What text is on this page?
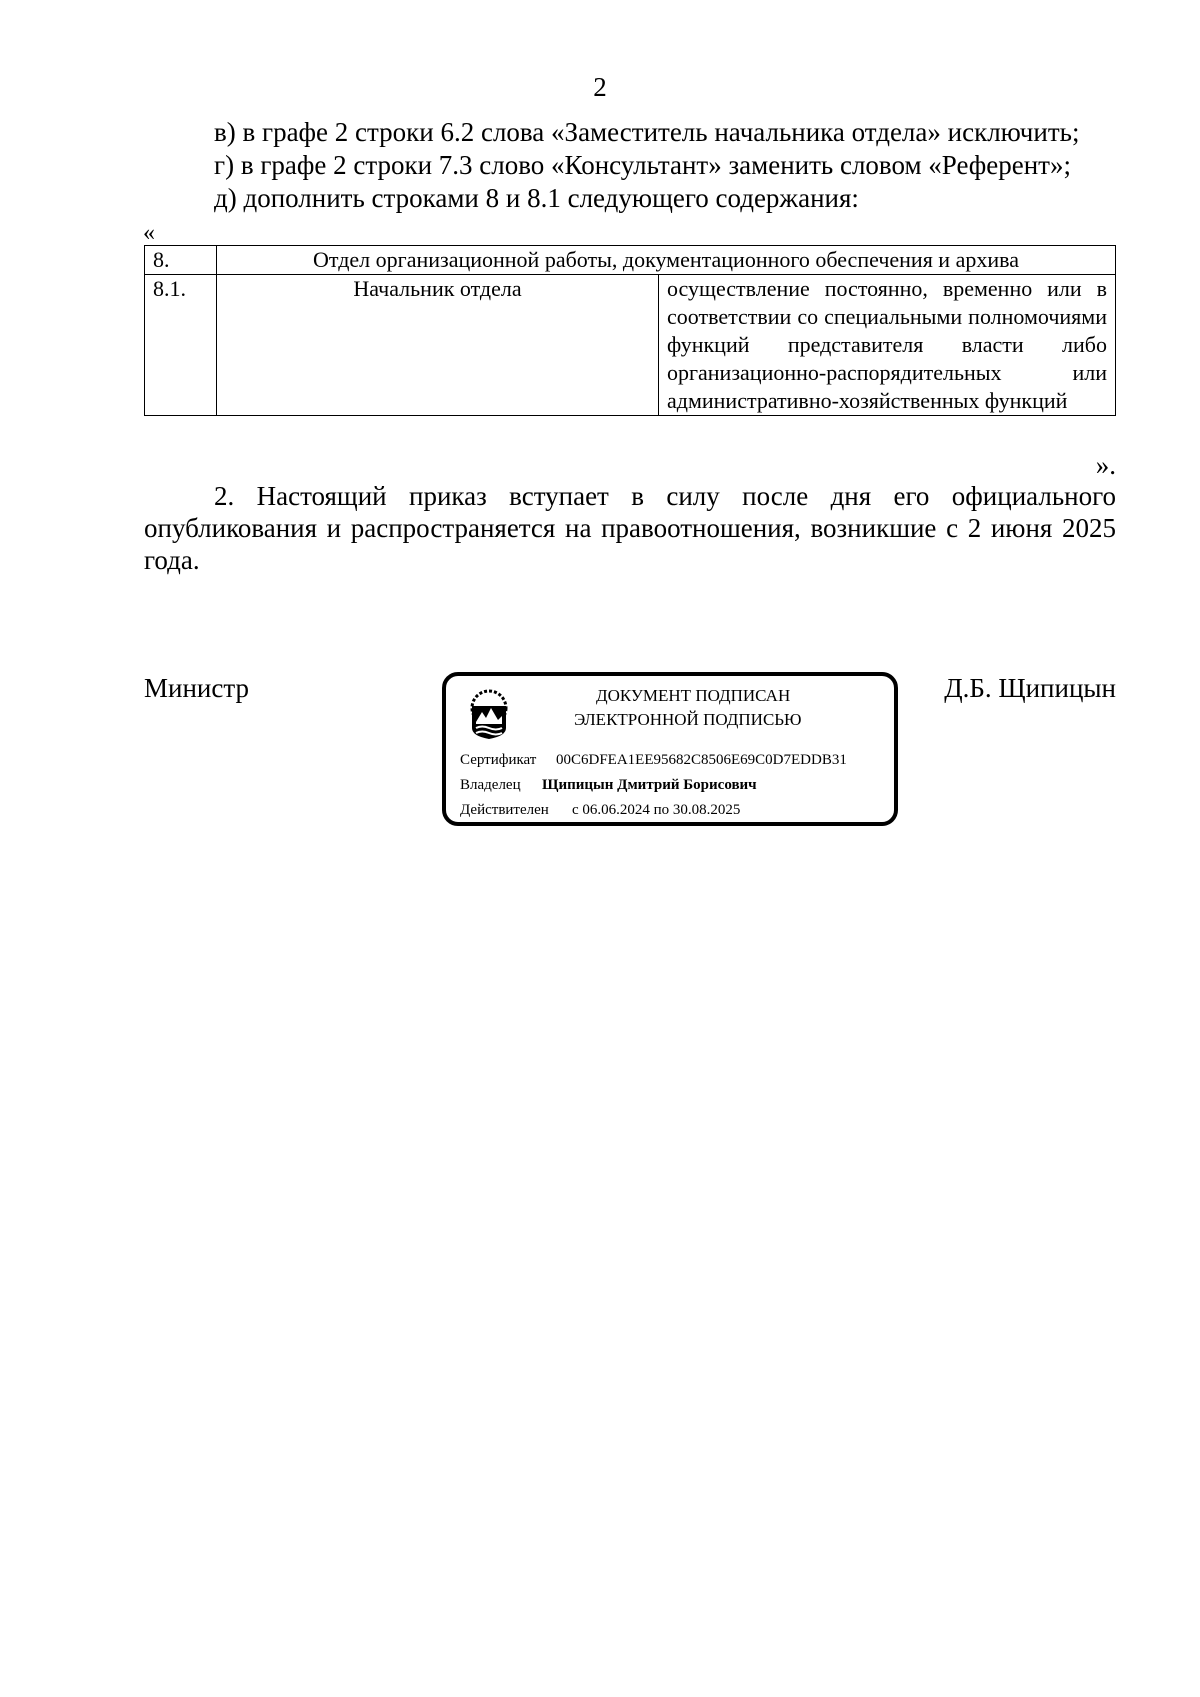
2
в) в графе 2 строки 6.2 слова «Заместитель начальника отдела» исключить;
г) в графе 2 строки 7.3 слово «Консультант» заменить словом «Референт»;
д) дополнить строками 8 и 8.1 следующего содержания:
«
8.	Отдел организационной работы, документационного обеспечения и архива	
8.1.	Начальник отдела	осуществление постоянно, временно или в соответствии со специальными полномочиями функций представителя власти либо организационно-распорядительных или административно-хозяйственных функций
».
2. Настоящий приказ вступает в силу после дня его официального опубликования и распространяется на правоотношения, возникшие с 2 июня 2025 года.
Министр	Д.Б. Щипицын
ДОКУМЕНТ ПОДПИСАН
ЭЛЕКТРОННОЙ ПОДПИСЬЮ
Сертификат 00C6DFEA1EE95682C8506E69C0D7EDDB31
Владелец Щипицын Дмитрий Борисович
Действителен с 06.06.2024 по 30.08.2025
